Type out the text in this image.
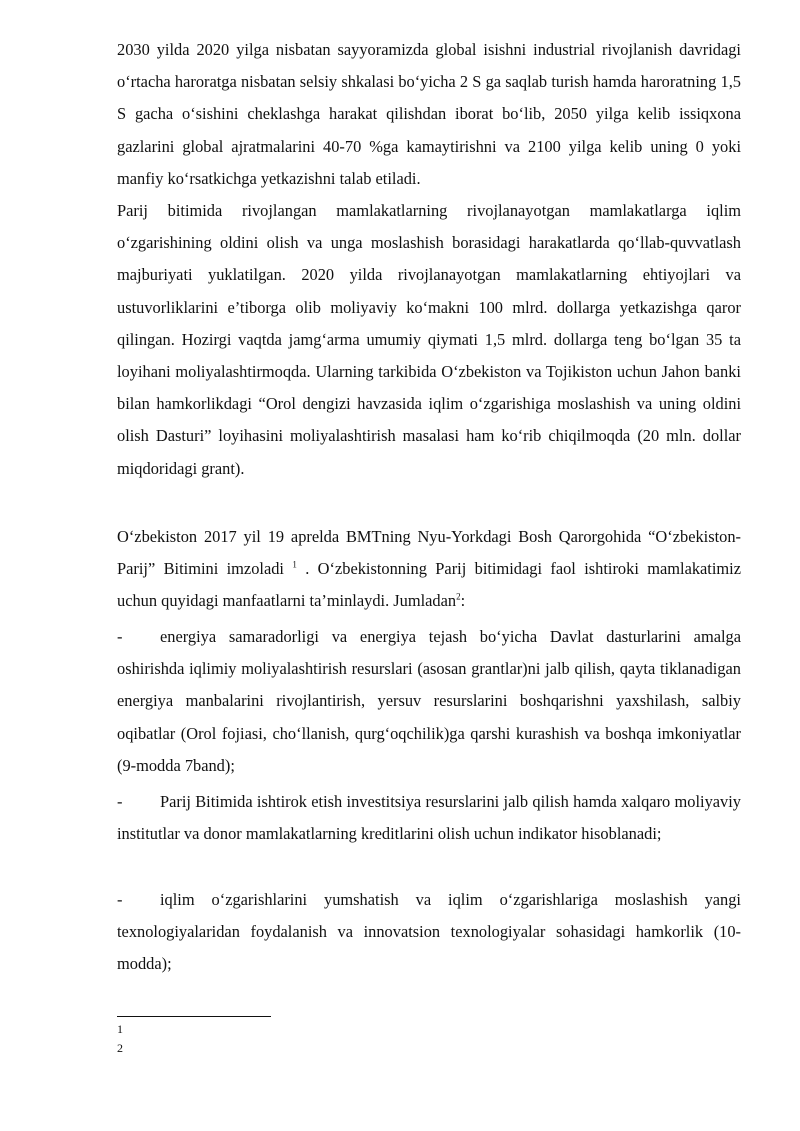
2030 yilda 2020 yilga nisbatan sayyoramizda global isishni industrial rivojlanish davridagi o‘rtacha haroratga nisbatan selsiy shkalasi bo‘yicha 2 S ga saqlab turish hamda haroratning 1,5 S gacha o‘sishini cheklashga harakat qilishdan iborat bo‘lib, 2050 yilga kelib issiqxona gazlarini global ajratmalarini 40-70 %ga kamaytirishni va 2100 yilga kelib uning 0 yoki manfiy ko‘rsatkichga yetkazishni talab etiladi.

Parij bitimida rivojlangan mamlakatlarning rivojlanayotgan mamlakatlarga iqlim o‘zgarishining oldini olish va unga moslashish borasidagi harakatlarda qo‘llab-quvvatlash majburiyati yuklatilgan. 2020 yilda rivojlanayotgan mamlakatlarning ehtiyojlari va ustuvorliklarini e’tiborga olib moliyaviy ko‘makni 100 mlrd. dollarga yetkazishga qaror qilingan. Hozirgi vaqtda jamg‘arma umumiy qiymati 1,5 mlrd. dollarga teng bo‘lgan 35 ta loyihani moliyalashtirmoqda. Ularning tarkibida O‘zbekiston va Tojikiston uchun Jahon banki bilan hamkorlikdagi “Orol dengizi havzasida iqlim o‘zgarishiga moslashish va uning oldini olish Dasturi” loyihasini moliyalashtirish masalasi ham ko‘rib chiqilmoqda (20 mln. dollar miqdoridagi grant).

O‘zbekiston 2017 yil 19 aprelda BMTning Nyu-Yorkdagi Bosh Qarorgohida “O‘zbekiston-Parij” Bitimini imzoladi $^1$ . O‘zbekistonning Parij bitimidagi faol ishtiroki mamlakatimiz uchun quyidagi manfaatlarni ta’minlaydi. Jumladan$^2$:

-	energiya samaradorligi va energiya tejash bo‘yicha Davlat dasturlarini amalga oshirishda iqlimiy moliyalashtirish resurslari (asosan grantlar)ni jalb qilish, qayta tiklanadigan energiya manbalarini rivojlantirish, yersuv resurslarini boshqarishni yaxshilash, salbiy oqibatlar (Orol fojiasi, cho‘llanish, qurg‘oqchilik)ga qarshi kurashish va boshqa imkoniyatlar (9-modda 7band);
-	Parij Bitimida ishtirok etish investitsiya resurslarini jalb qilish hamda xalqaro moliyaviy institutlar va donor mamlakatlarning kreditlarini olish uchun indikator hisoblanadi;
-	iqlim o‘zgarishlarini yumshatish va iqlim o‘zgarishlariga moslashish yangi texnologiyalaridan foydalanish va innovatsion texnologiyalar sohasidagi hamkorlik (10-modda);
1
2
